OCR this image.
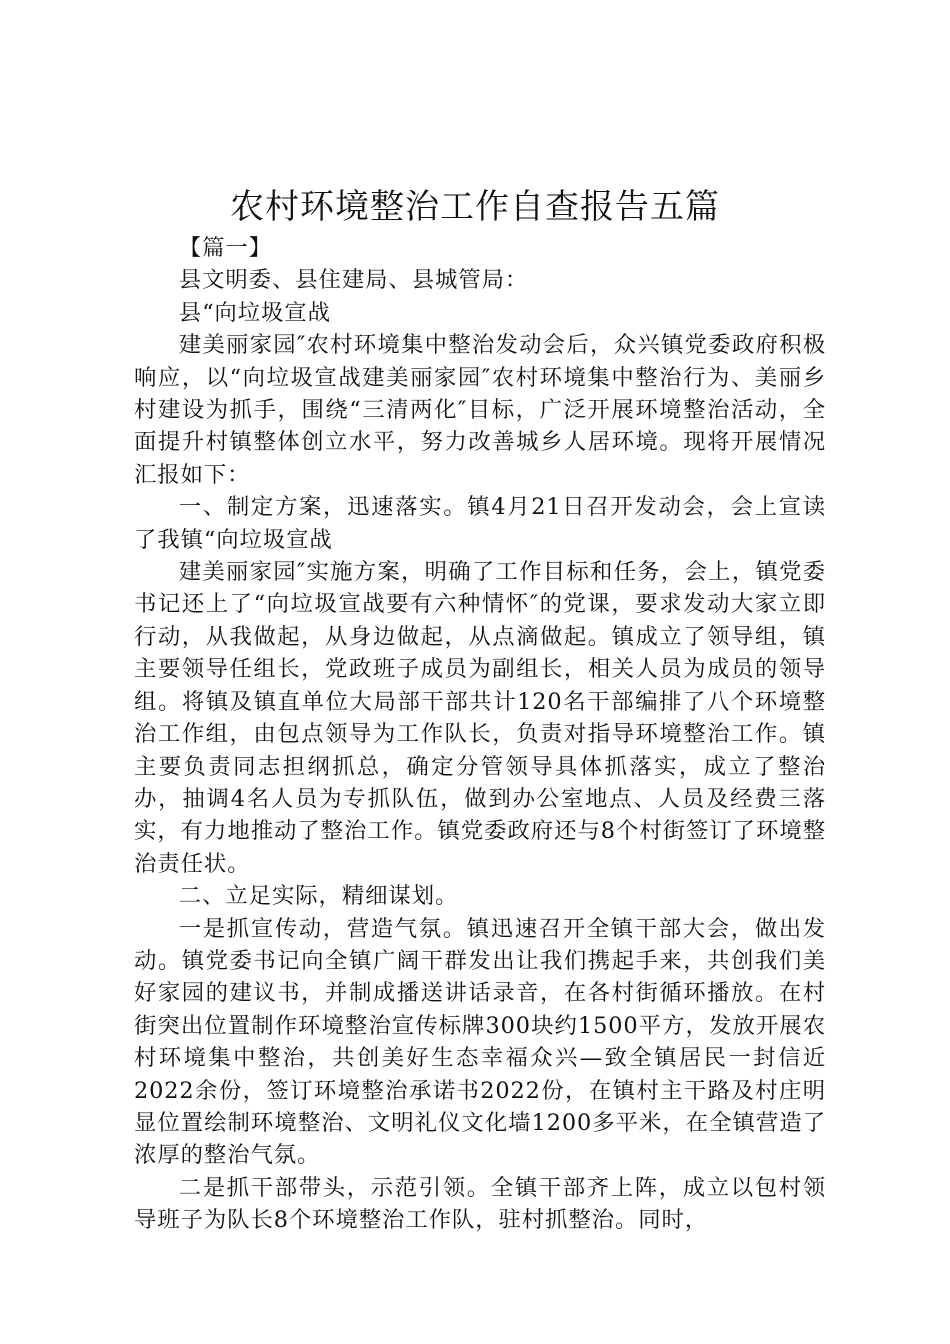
农村环境整治工作自查报告五篇

【篇一】

县文明委、县住建局、县城管局：

县“向垃圾宣战

建美丽家园″农村环境集中整治发动会后，众兴镇党委政府积极响应，以“向垃圾宣战建美丽家园″农村环境集中整治行为、美丽乡村建设为抓手，围绕“三清两化″目标，广泛开展环境整治活动，全面提升村镇整体创立水平，努力改善城乡人居环境。现将开展情况汇报如下：

一、制定方案，迅速落实。镇4月21日召开发动会，会上宣读了我镇“向垃圾宣战

建美丽家园″实施方案，明确了工作目标和任务，会上，镇党委书记还上了“向垃圾宣战要有六种情怀″的党课，要求发动大家立即行动，从我做起，从身边做起，从点滴做起。镇成立了领导组，镇主要领导任组长，党政班子成员为副组长，相关人员为成员的领导组。将镇及镇直单位大局部干部共计120名干部编排了八个环境整治工作组，由包点领导为工作队长，负责对指导环境整治工作。镇主要负责同志担纲抓总，确定分管领导具体抓落实，成立了整治办，抽调4名人员为专抓队伍，做到办公室地点、人员及经费三落实，有力地推动了整治工作。镇党委政府还与8个村街签订了环境整治责任状。

二、立足实际，精细谋划。

一是抓宣传动，营造气氛。镇迅速召开全镇干部大会，做出发动。镇党委书记向全镇广阔干群发出让我们携起手来，共创我们美好家园的建议书，并制成播送讲话录音，在各村街循环播放。在村街突出位置制作环境整治宣传标牌300块约1500平方，发放开展农村环境集中整治，共创美好生态幸福众兴—致全镇居民一封信近2022余份，签订环境整治承诺书2022份，在镇村主干路及村庄明显位置绘制环境整治、文明礼仪文化墙1200多平米，在全镇营造了浓厚的整治气氛。

二是抓干部带头，示范引领。全镇干部齐上阵，成立以包村领导班子为队长8个环境整治工作队，驻村抓整治。同时，
